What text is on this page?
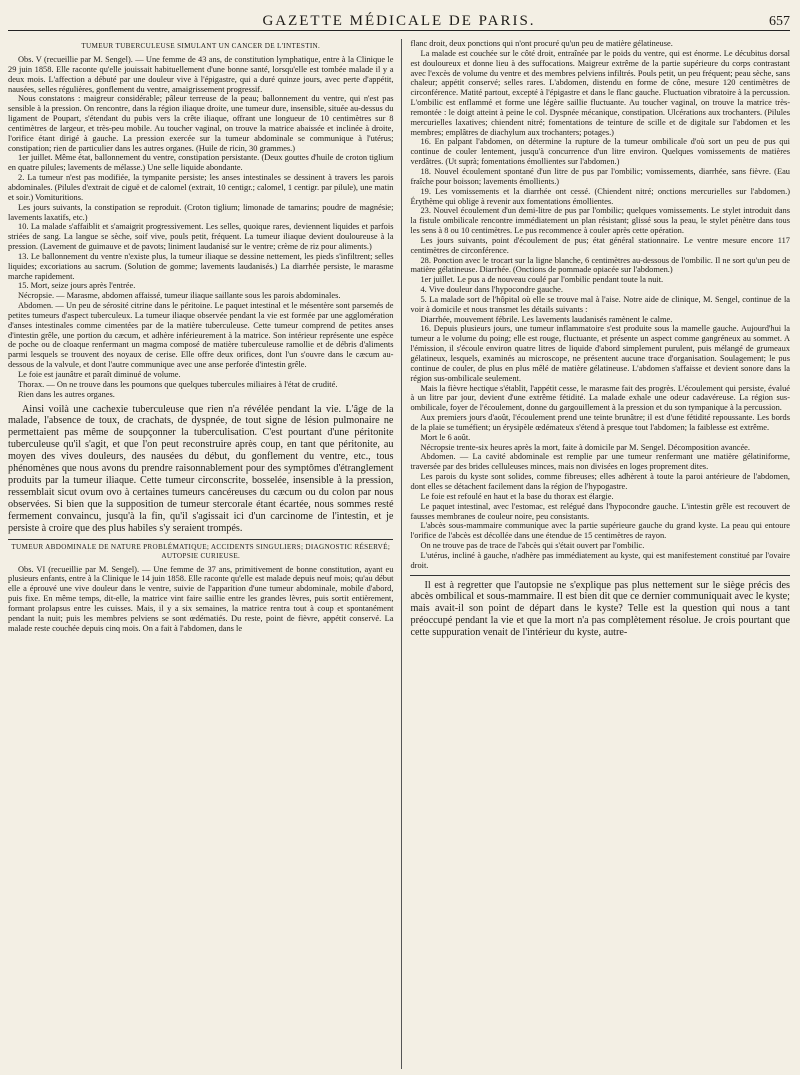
GAZETTE MÉDICALE DE PARIS.	657
TUMEUR TUBERCULEUSE SIMULANT UN CANCER DE L'INTESTIN.

Obs. V (recueillie par M. Sengel). — Une femme de 43 ans, de constitution lymphatique, entre à la Clinique le 29 juin 1858. Elle raconte qu'elle jouissait habituellement d'une bonne santé, lorsqu'elle est tombée malade il y a deux mois. L'affection a débuté par une douleur vive à l'épigastre, qui a duré quinze jours, avec perte d'appétit, nausées, selles régulières, gonflement du ventre, amaigrissement progressif.

Nous constatons : maigreur considérable; pâleur terreuse de la peau; ballonnement du ventre, qui n'est pas sensible à la pression. On rencontre, dans la région iliaque droite, une tumeur dure, insensible, située au-dessus du ligament de Poupart, s'étendant du pubis vers la crête iliaque, offrant une longueur de 10 centimètres sur 8 centimètres de largeur, et très-peu mobile. Au toucher vaginal, on trouve la matrice abaissée et inclinée à droite, l'orifice étant dirigé à gauche. La pression exercée sur la tumeur abdominale se communique à l'utérus; constipation; rien de particulier dans les autres organes. (Huile de ricin, 30 grammes.)

1er juillet. Même état, ballonnement du ventre, constipation persistante. (Deux gouttes d'huile de croton tiglium en quatre pilules; lavements de mélasse.) Une selle liquide abondante.

2. La tumeur n'est pas modifiée, la tympanite persiste; les anses intestinales se dessinent à travers les parois abdominales. (Pilules d'extrait de ciguë et de calomel (extrait, 10 centigr.; calomel, 1 centigr. par pilule), une matin et soir.) Vomituritions.

Les jours suivants, la constipation se reproduit. (Croton tiglium; limonade de tamarins; poudre de magnésie; lavements laxatifs, etc.)

10. La malade s'affaiblit et s'amaigrit progressivement. Les selles, quoique rares, deviennent liquides et parfois striées de sang. La langue se sèche, soif vive, pouls petit, fréquent. La tumeur iliaque devient douloureuse à la pression. (Lavement de guimauve et de pavots; liniment laudanisé sur le ventre; crème de riz pour aliments.)

13. Le ballonnement du ventre n'existe plus, la tumeur iliaque se dessine nettement, les pieds s'infiltrent; selles liquides; excoriations au sacrum. (Solution de gomme; lavements laudanisés.) La diarrhée persiste, le marasme marche rapidement.

15. Mort, seize jours après l'entrée.

Nécropsie. — Marasme, abdomen affaissé, tumeur iliaque saillante sous les parois abdominales.

Abdomen. — Un peu de sérosité citrine dans le péritoine. Le paquet intestinal et le mésentère sont parsemés de petites tumeurs d'aspect tuberculeux. La tumeur iliaque observée pendant la vie est formée par une agglomération d'anses intestinales comme cimentées par de la matière tuberculeuse. Cette tumeur comprend de petites anses d'intestin grêle, une portion du cæcum, et adhère inférieurement à la matrice. Son intérieur représente une espèce de poche ou de cloaque renfermant un magma composé de matière tuberculeuse ramollie et de débris d'aliments parmi lesquels se trouvent des noyaux de cerise. Elle offre deux orifices, dont l'un s'ouvre dans le cæcum au-dessous de la valvule, et dont l'autre communique avec une anse perforée d'intestin grêle.

Le foie est jaunâtre et paraît diminué de volume.

Thorax. — On ne trouve dans les poumons que quelques tubercules miliaires à l'état de crudité.

Rien dans les autres organes.

Ainsi voilà une cachexie tuberculeuse que rien n'a révélée pendant la vie. L'âge de la malade, l'absence de toux, de crachats, de dyspnée, de tout signe de lésion pulmonaire ne permettaient pas même de soupçonner la tuberculisation. C'est pourtant d'une péritonite tuberculeuse qu'il s'agit, et que l'on peut reconstruire après coup, en tant que péritonite, au moyen des vives douleurs, des nausées du début, du gonflement du ventre, etc., tous phénomènes que nous avons du prendre raisonnablement pour des symptômes d'étranglement produits par la tumeur iliaque. Cette tumeur circonscrite, bosselée, insensible à la pression, ressemblait sicut ovum ovo à certaines tumeurs cancéreuses du cæcum ou du colon par nous observées. Si bien que la supposition de tumeur stercorale étant écartée, nous sommes resté fermement convaincu, jusqu'à la fin, qu'il s'agissait ici d'un carcinome de l'intestin, et je persiste à croire que des plus habiles s'y seraient trompés.
TUMEUR ABDOMINALE DE NATURE PROBLÉMATIQUE; ACCIDENTS SINGULIERS; DIAGNOSTIC RÉSERVÉ; AUTOPSIE CURIEUSE.

Obs. VI (recueillie par M. Sengel). — Une femme de 37 ans, primitivement de bonne constitution, ayant eu plusieurs enfants, entre à la Clinique le 14 juin 1858. Elle raconte qu'elle est malade depuis neuf mois; qu'au début elle a éprouvé une vive douleur dans le ventre, suivie de l'apparition d'une tumeur abdominale, mobile d'abord, puis fixe. En même temps, dit-elle, la matrice vint faire saillie entre les grandes lèvres, puis sortit entièrement, formant prolapsus entre les cuisses. Mais, il y a six semaines, la matrice rentra tout à coup et spontanément pendant la nuit; puis les membres pelviens se sont œdématiés. Du reste, point de fièvre, appétit conservé. La malade reste couchée depuis cinq mois. On a fait à l'abdomen, dans le

flanc droit, deux ponctions qui n'ont procuré qu'un peu de matière gélatineuse.

La malade est couchée sur le côté droit, entraînée par le poids du ventre, qui est énorme. Le décubitus dorsal est douloureux et donne lieu à des suffocations. Maigreur extrême de la partie supérieure du corps contrastant avec l'excès de volume du ventre et des membres pelviens infiltrés. Pouls petit, un peu fréquent; peau sèche, sans chaleur; appétit conservé; selles rares. L'abdomen, distendu en forme de cône, mesure 120 centimètres de circonférence. Matité partout, excepté à l'épigastre et dans le flanc gauche. Fluctuation vibratoire à la percussion. L'ombilic est enflammé et forme une légère saillie fluctuante. Au toucher vaginal, on trouve la matrice très-remontée : le doigt atteint à peine le col. Dyspnée mécanique, constipation. Ulcérations aux trochanters. (Pilules mercurielles laxatives; chiendent nitré; fomentations de teinture de scille et de digitale sur l'abdomen et les membres; emplâtres de diachylum aux trochanters; potages.)

16. En palpant l'abdomen, on détermine la rupture de la tumeur ombilicale d'où sort un peu de pus qui continue de couler lentement, jusqu'à concurrence d'un litre environ. Quelques vomissements de matières verdâtres. (Ut suprà; fomentations émollientes sur l'abdomen.)

18. Nouvel écoulement spontané d'un litre de pus par l'ombilic; vomissements, diarrhée, sans fièvre. (Eau fraîche pour boisson; lavements émollients.)

19. Les vomissements et la diarrhée ont cessé. (Chiendent nitré; onctions mercurielles sur l'abdomen.) Érythème qui oblige à revenir aux fomentations émollientes.

23. Nouvel écoulement d'un demi-litre de pus par l'ombilic; quelques vomissements. Le stylet introduit dans la fistule ombilicale rencontre immédiatement un plan résistant; glissé sous la peau, le stylet pénètre dans tous les sens à 8 ou 10 centimètres. Le pus recommence à couler après cette opération.

Les jours suivants, point d'écoulement de pus; état général stationnaire. Le ventre mesure encore 117 centimètres de circonférence.

28. Ponction avec le trocart sur la ligne blanche, 6 centimètres au-dessous de l'ombilic. Il ne sort qu'un peu de matière gélatineuse. Diarrhée. (Onctions de pommade opiacée sur l'abdomen.)

1er juillet. Le pus a de nouveau coulé par l'ombilic pendant toute la nuit.

4. Vive douleur dans l'hypocondre gauche.

5. La malade sort de l'hôpital où elle se trouve mal à l'aise. Notre aide de clinique, M. Sengel, continue de la voir à domicile et nous transmet les détails suivants :

Diarrhée, mouvement fébrile. Les lavements laudanisés ramènent le calme.

16. Depuis plusieurs jours, une tumeur inflammatoire s'est produite sous la mamelle gauche. Aujourd'hui la tumeur a le volume du poing; elle est rouge, fluctuante, et présente un aspect comme gangréneux au sommet. A l'émission, il s'écoule environ quatre litres de liquide d'abord simplement purulent, puis mélangé de grumeaux gélatineux, lesquels, examinés au microscope, ne présentent aucune trace d'organisation. Soulagement; le pus continue de couler, de plus en plus mêlé de matière gélatineuse. L'abdomen s'affaisse et devient sonore dans la région sus-ombilicale seulement.

Mais la fièvre hectique s'établit, l'appétit cesse, le marasme fait des progrès. L'écoulement qui persiste, évalué à un litre par jour, devient d'une extrême fétidité. La malade exhale une odeur cadavéreuse. La région sus-ombilicale, foyer de l'écoulement, donne du gargouillement à la pression et du son tympanique à la percussion.

Aux premiers jours d'août, l'écoulement prend une teinte brunâtre; il est d'une fétidité repoussante. Les bords de la plaie se tuméfient; un érysipèle œdémateux s'étend à presque tout l'abdomen; la faiblesse est extrême.

Mort le 6 août.

Nécropsie trente-six heures après la mort, faite à domicile par M. Sengel. Décomposition avancée.

Abdomen. — La cavité abdominale est remplie par une tumeur renfermant une matière gélatiniforme, traversée par des brides celluleuses minces, mais non divisées en loges proprement dites.

Les parois du kyste sont solides, comme fibreuses; elles adhèrent à toute la paroi antérieure de l'abdomen, dont elles se détachent facilement dans la région de l'hypogastre.

Le foie est refoulé en haut et la base du thorax est élargie.

Le paquet intestinal, avec l'estomac, est relégué dans l'hypocondre gauche. L'intestin grêle est recouvert de fausses membranes de couleur noire, peu consistants.

L'abcès sous-mammaire communique avec la partie supérieure gauche du grand kyste. La peau qui entoure l'orifice de l'abcès est décollée dans une étendue de 15 centimètres de rayon.

On ne trouve pas de trace de l'abcès qui s'était ouvert par l'ombilic.

L'utérus, incliné à gauche, n'adhère pas immédiatement au kyste, qui est manifestement constitué par l'ovaire droit.

Il est à regretter que l'autopsie ne s'explique pas plus nettement sur le siège précis des abcès ombilical et sous-mammaire. Il est bien dit que ce dernier communiquait avec le kyste; mais avait-il son point de départ dans le kyste? Telle est la question qui nous a tant préoccupé pendant la vie et que la mort n'a pas complètement résolue. Je crois pourtant que cette suppuration venait de l'intérieur du kyste, autre-
